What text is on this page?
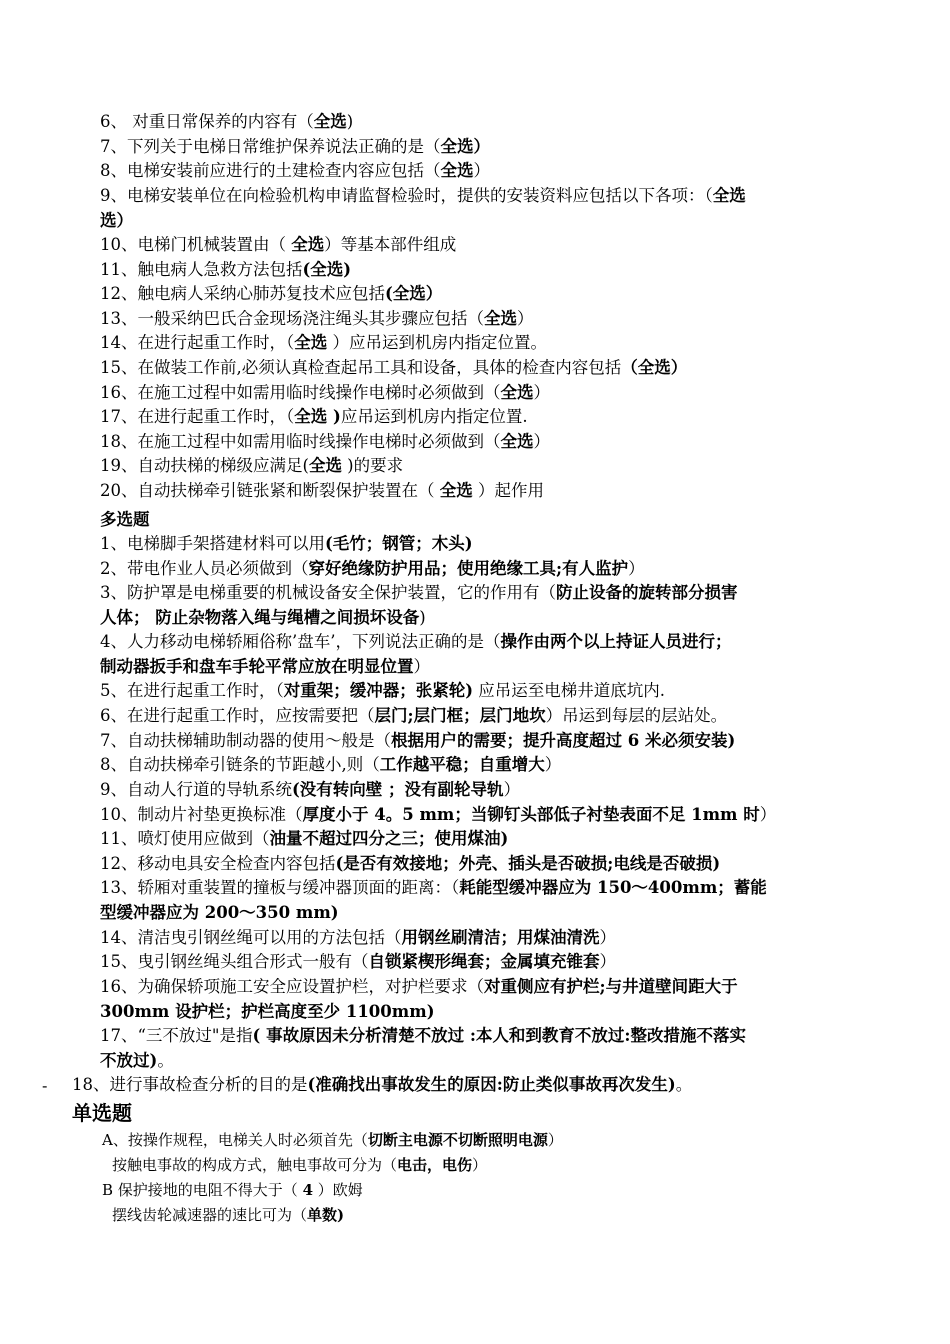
6、 对重日常保养的内容有（全选)
7、下列关于电梯日常维护保养说法正确的是（全选）
8、电梯安装前应进行的土建检查内容应包括（全选）
9、电梯安装单位在向检验机构申请监督检验时，提供的安装资料应包括以下各项：（全选
10、电梯门机械装置由（ 全选）等基本部件组成
11、触电病人急救方法包括(全选)
12、触电病人采纳心肺苏复技术应包括(全选）
13、一般采纳巴氏合金现场浇注绳头其步骤应包括（全选）
14、在进行起重工作时，（全选 ）应吊运到机房内指定位置。
15、在做装工作前,必须认真检查起吊工具和设备，具体的检查内容包括（全选）
16、在施工过程中如需用临时线操作电梯时必须做到（全选）
17、在进行起重工作时，（全选 )应吊运到机房内指定位置.
18、在施工过程中如需用临时线操作电梯时必须做到（全选）
19、自动扶梯的梯级应满足(全选 )的要求
20、自动扶梯牵引链张紧和断裂保护装置在（ 全选 ）起作用
选）
多选题
1、电梯脚手架搭建材料可以用(毛竹；钢管；木头)
2、带电作业人员必须做到（穿好绝缘防护用品；使用绝缘工具;有人监护）
3、防护罩是电梯重要的机械设备安全保护装置，它的作用有（防止设备的旋转部分损害
人体； 防止杂物落入绳与绳槽之间损坏设备)
4、人力移动电梯轿厢俗称’盘车’，下列说法正确的是（操作由两个以上持证人员进行；
制动器扳手和盘车手轮平常应放在明显位置）
5、在进行起重工作时，（对重架；缓冲器；张紧轮) 应吊运至电梯井道底坑内.
6、在进行起重工作时，应按需要把（层门;层门框；层门地坎）吊运到每层的层站处。
7、自动扶梯辅助制动器的使用～般是（根据用户的需要；提升高度超过 6 米必须安装)
8、自动扶梯牵引链条的节距越小,则（工作越平稳；自重增大）
9、自动人行道的导轨系统(没有转向壁 ；没有副轮导轨）
10、制动片衬垫更换标准（厚度小于 4。5 mm；当铆钉头部低子衬垫表面不足 1mm 时）
11、喷灯使用应做到（油量不超过四分之三；使用煤油)
12、移动电具安全检查内容包括(是否有效接地；外壳、插头是否破损;电线是否破损)
13、轿厢对重装置的撞板与缓冲器顶面的距离：（耗能型缓冲器应为 150～400mm；蓄能
型缓冲器应为 200～350 mm)
14、清洁曳引钢丝绳可以用的方法包括（用钢丝刷清洁；用煤油清洗）
15、曳引钢丝绳头组合形式一般有（自锁紧楔形绳套；金属填充锥套）
16、为确保轿项施工安全应设置护栏，对护栏要求（对重侧应有护栏;与井道壁间距大于
300mm 设护栏；护栏高度至少 1100mm)
17、“三不放过"是指( 事故原因未分析清楚不放过 :本人和到教育不放过:整改措施不落实
不放过)。
- 18、进行事故检查分析的目的是(准确找出事故发生的原因:防止类似事故再次发生)。
单选题
A、按操作规程，电梯关人时必须首先（切断主电源不切断照明电源）
按触电事故的构成方式，触电事故可分为（电击，电伤）
B 保护接地的电阻不得大于（ 4 ）欧姆
摆线齿轮减速器的速比可为（单数)
